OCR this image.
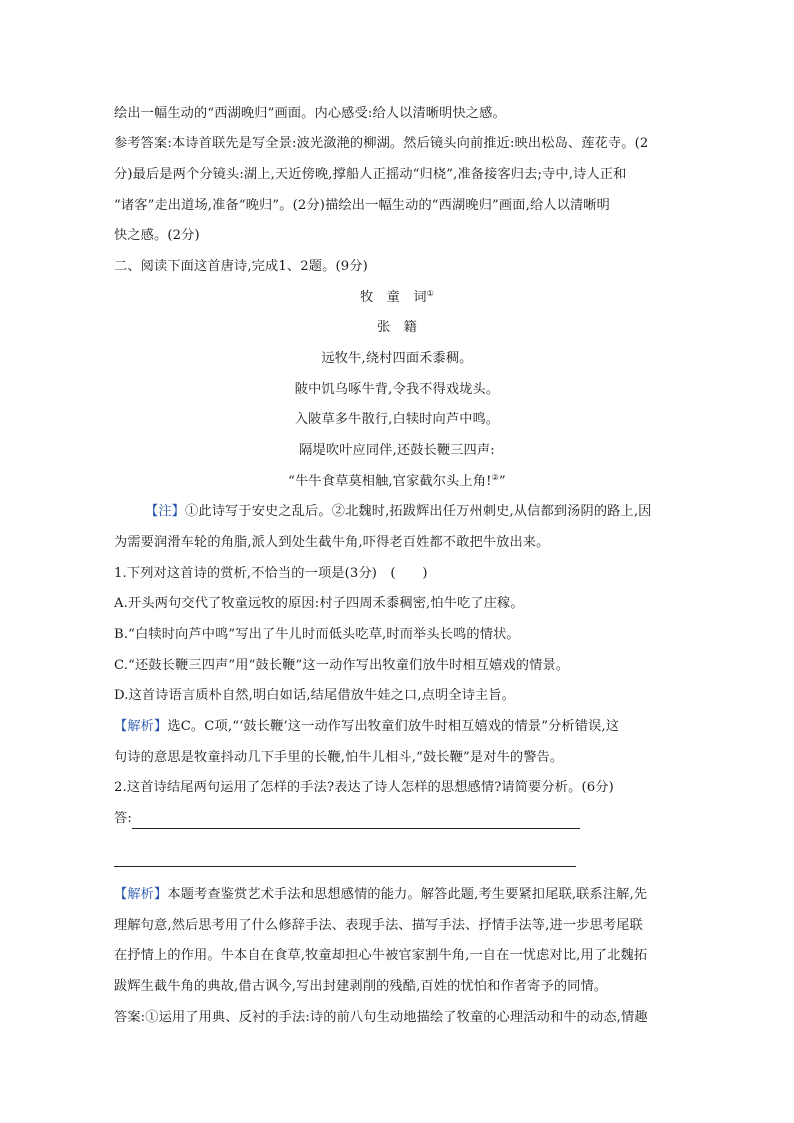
绘出一幅生动的“西湖晚归”画面。内心感受:给人以清晰明快之感。
参考答案:本诗首联先是写全景:波光潋滟的柳湖。然后镜头向前推近:映出松岛、莲花寺。(2
分)最后是两个分镜头:湖上,天近傍晚,撑船人正摇动“归桡”,准备接客归去;寺中,诗人正和
“诸客”走出道场,准备“晚归”。(2分)描绘出一幅生动的“西湖晚归”画面,给人以清晰明
快之感。(2分)
二、阅读下面这首唐诗,完成1、2题。(9分)
牧　童　词①
张　籍
远牧牛,绕村四面禾黍稠。
陂中饥乌啄牛背,令我不得戏垅头。
入陂草多牛散行,白犊时向芦中鸣。
隔堤吹叶应同伴,还鼓长鞭三四声:
“牛牛食草莫相触,官家截尔头上角!②”
【注】①此诗写于安史之乱后。②北魏时,拓跋辉出任万州刺史,从信都到汤阴的路上,因
为需要润滑车轮的角脂,派人到处生截牛角,吓得老百姓都不敢把牛放出来。
1.下列对这首诗的赏析,不恰当的一项是(3分)　(　　)
A.开头两句交代了牧童远牧的原因:村子四周禾黍稠密,怕牛吃了庄稼。
B.“白犊时向芦中鸣”写出了牛儿时而低头吃草,时而举头长鸣的情状。
C.“还鼓长鞭三四声”用“鼓长鞭”这一动作写出牧童们放牛时相互嬉戏的情景。
D.这首诗语言质朴自然,明白如话,结尾借放牛娃之口,点明全诗主旨。
【解析】选C。C项,“‘鼓长鞭’这一动作写出牧童们放牛时相互嬉戏的情景”分析错误,这
句诗的意思是牧童抖动几下手里的长鞭,怕牛儿相斗,“鼓长鞭”是对牛的警告。
2.这首诗结尾两句运用了怎样的手法?表达了诗人怎样的思想感情?请简要分析。(6分)
答:
【解析】本题考查鉴赏艺术手法和思想感情的能力。解答此题,考生要紧扣尾联,联系注解,先
理解句意,然后思考用了什么修辞手法、表现手法、描写手法、抒情手法等,进一步思考尾联
在抒情上的作用。牛本自在食草,牧童却担心牛被官家割牛角,一自在一忧虑对比,用了北魏拓
跋辉生截牛角的典故,借古讽今,写出封建剥削的残酷,百姓的忧怕和作者寄予的同情。
答案:①运用了用典、反衬的手法:诗的前八句生动地描绘了牧童的心理活动和牛的动态,情趣
